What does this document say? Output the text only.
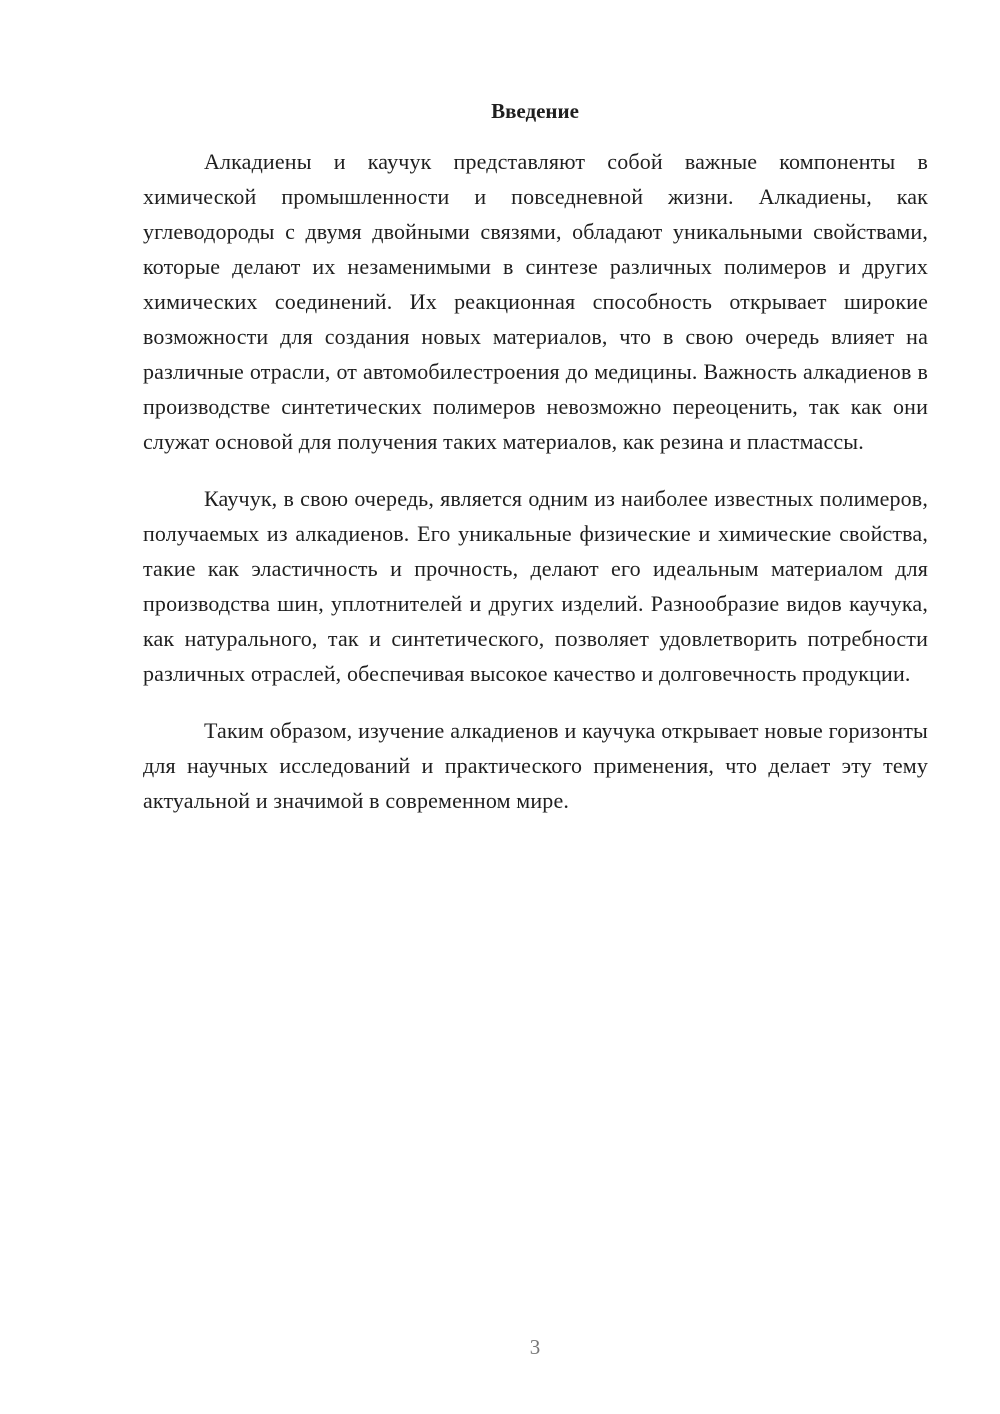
Введение

Алкадиены и каучук представляют собой важные компоненты в химической промышленности и повседневной жизни. Алкадиены, как углеводороды с двумя двойными связями, обладают уникальными свойствами, которые делают их незаменимыми в синтезе различных полимеров и других химических соединений. Их реакционная способность открывает широкие возможности для создания новых материалов, что в свою очередь влияет на различные отрасли, от автомобилестроения до медицины. Важность алкадиенов в производстве синтетических полимеров невозможно переоценить, так как они служат основой для получения таких материалов, как резина и пластмассы.

Каучук, в свою очередь, является одним из наиболее известных полимеров, получаемых из алкадиенов. Его уникальные физические и химические свойства, такие как эластичность и прочность, делают его идеальным материалом для производства шин, уплотнителей и других изделий. Разнообразие видов каучука, как натурального, так и синтетического, позволяет удовлетворить потребности различных отраслей, обеспечивая высокое качество и долговечность продукции.

Таким образом, изучение алкадиенов и каучука открывает новые горизонты для научных исследований и практического применения, что делает эту тему актуальной и значимой в современном мире.

3
